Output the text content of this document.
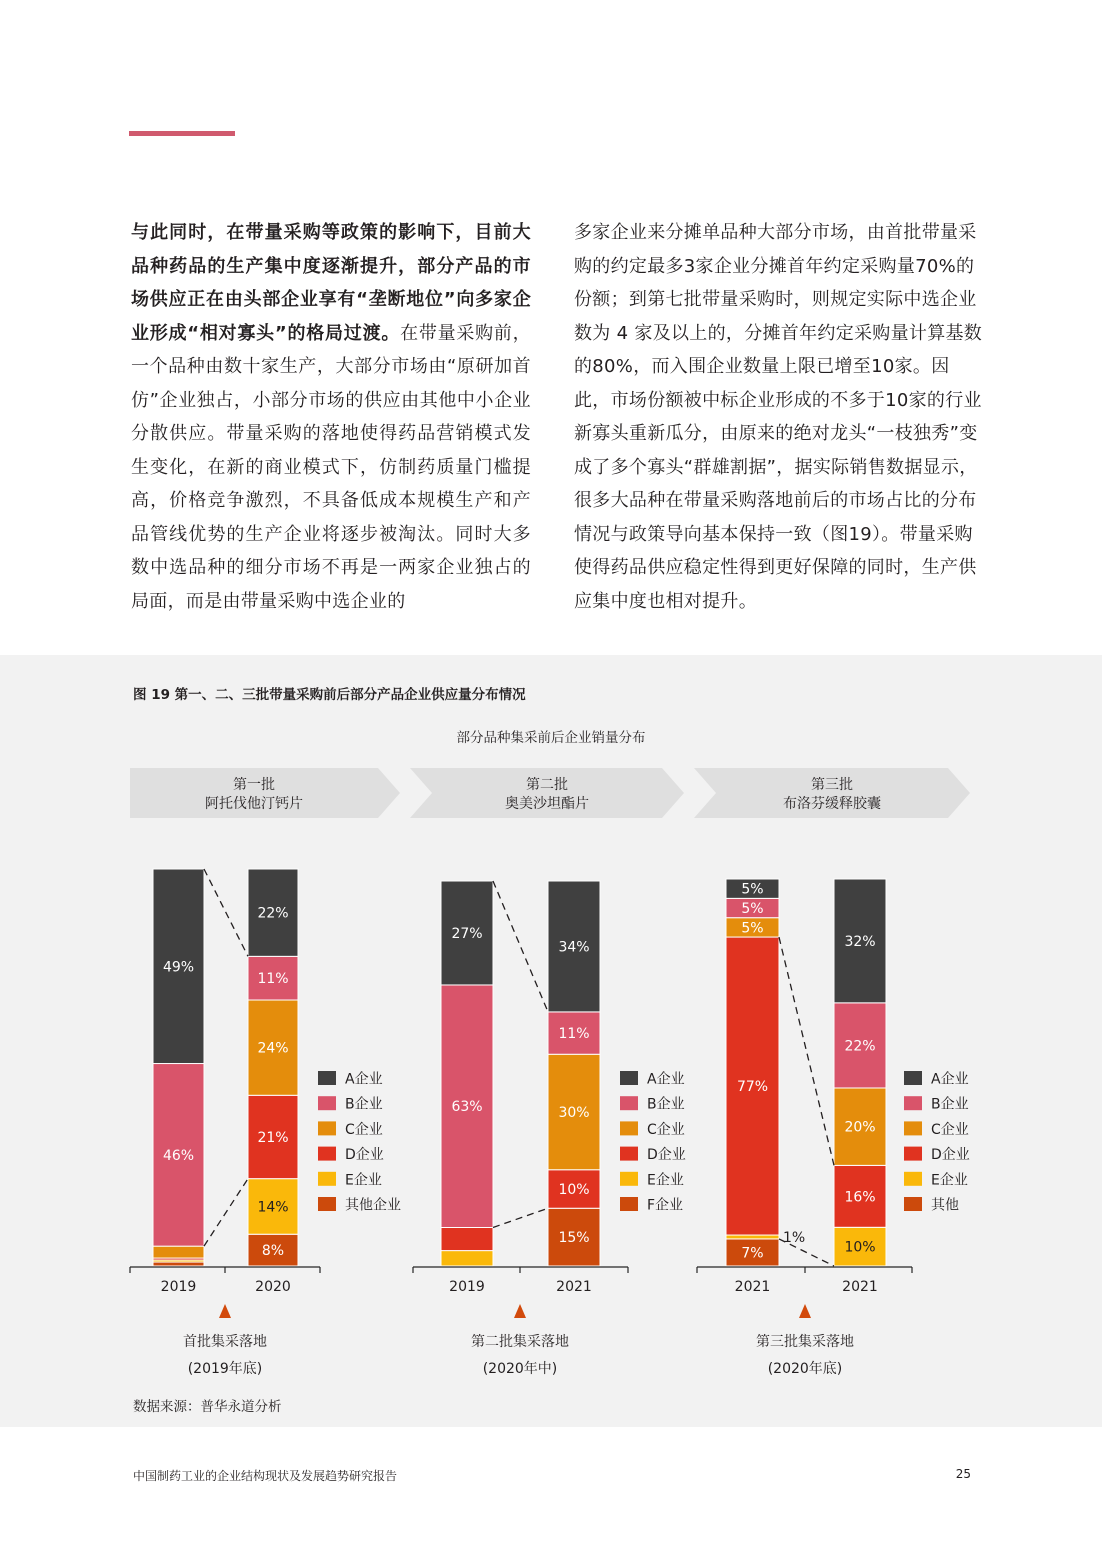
与此同时，在带量采购等政策的影响下，目前大品种药品的生产集中度逐渐提升，部分产品的市场供应正在由头部企业享有“垄断地位”向多家企业形成“相对寡头”的格局过渡。在带量采购前，一个品种由数十家生产，大部分市场由“原研加首仿”企业独占，小部分市场的供应由其他中小企业分散供应。带量采购的落地使得药品营销模式发生变化，在新的商业模式下，仿制药质量门槛提高，价格竞争激烈，不具备低成本规模生产和产品管线优势的生产企业将逐步被淘汰。同时大多数中选品种的细分市场不再是一两家企业独占的局面，而是由带量采购中选企业的

多家企业来分摊单品种大部分市场，由首批带量采购的约定最多3家企业分摊首年约定采购量70%的份额；到第七批带量采购时，则规定实际中选企业数为 4 家及以上的，分摊首年约定采购量计算基数的80%，而入围企业数量上限已增至10家。因此，市场份额被中标企业形成的不多于10家的行业新寡头重新瓜分，由原来的绝对龙头“一枝独秀”变成了多个寡头“群雄割据”，据实际销售数据显示，很多大品种在带量采购落地前后的市场占比的分布情况与政策导向基本保持一致（图19）。带量采购使得药品供应稳定性得到更好保障的同时，生产供应集中度也相对提升。

图 19 第一、二、三批带量采购前后部分产品企业供应量分布情况
部分品种集采前后企业销量分布
第一批
阿托伐他汀钙片
46%
49%
8%
14%
21%
24%
11%
22%
2019	2020
A企业
B企业
C企业
D企业
E企业
其他企业
首批集采落地
(2019年底)
第二批
奥美沙坦酯片
63%
27%
15%
10%
30%
11%
34%
2019	2021
A企业
B企业
C企业
D企业
E企业
F企业
第二批集采落地
(2020年中)
第三批
布洛芬缓释胶囊
7%
1%
77%
5%
5%
5%
10%
16%
20%
22%
32%
2021	2021
A企业
B企业
C企业
D企业
E企业
其他
第三批集采落地
(2020年底)
数据来源：普华永道分析
中国制药工业的企业结构现状及发展趋势研究报告	25
